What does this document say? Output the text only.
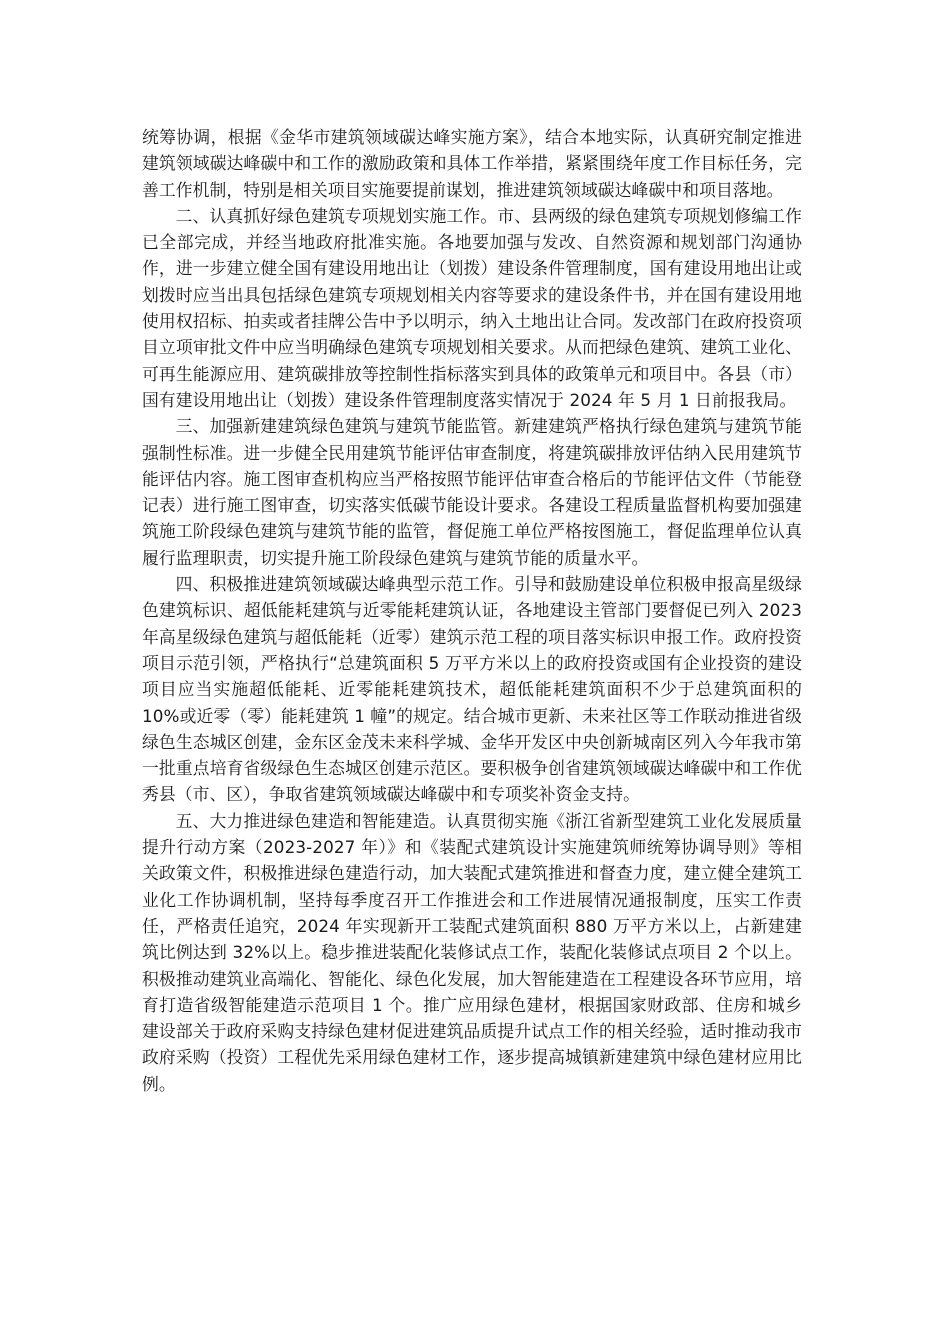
统筹协调，根据《金华市建筑领域碳达峰实施方案》，结合本地实际，认真研究制定推进建筑领域碳达峰碳中和工作的激励政策和具体工作举措，紧紧围绕年度工作目标任务，完善工作机制，特别是相关项目实施要提前谋划，推进建筑领域碳达峰碳中和项目落地。

二、认真抓好绿色建筑专项规划实施工作。市、县两级的绿色建筑专项规划修编工作已全部完成，并经当地政府批准实施。各地要加强与发改、自然资源和规划部门沟通协作，进一步建立健全国有建设用地出让（划拨）建设条件管理制度，国有建设用地出让或划拨时应当出具包括绿色建筑专项规划相关内容等要求的建设条件书，并在国有建设用地使用权招标、拍卖或者挂牌公告中予以明示，纳入土地出让合同。发改部门在政府投资项目立项审批文件中应当明确绿色建筑专项规划相关要求。从而把绿色建筑、建筑工业化、可再生能源应用、建筑碳排放等控制性指标落实到具体的政策单元和项目中。各县（市）国有建设用地出让（划拨）建设条件管理制度落实情况于 2024 年 5 月 1 日前报我局。

三、加强新建建筑绿色建筑与建筑节能监管。新建建筑严格执行绿色建筑与建筑节能强制性标准。进一步健全民用建筑节能评估审查制度，将建筑碳排放评估纳入民用建筑节能评估内容。施工图审查机构应当严格按照节能评估审查合格后的节能评估文件（节能登记表）进行施工图审查，切实落实低碳节能设计要求。各建设工程质量监督机构要加强建筑施工阶段绿色建筑与建筑节能的监管，督促施工单位严格按图施工，督促监理单位认真履行监理职责，切实提升施工阶段绿色建筑与建筑节能的质量水平。

四、积极推进建筑领域碳达峰典型示范工作。引导和鼓励建设单位积极申报高星级绿色建筑标识、超低能耗建筑与近零能耗建筑认证，各地建设主管部门要督促已列入 2023 年高星级绿色建筑与超低能耗（近零）建筑示范工程的项目落实标识申报工作。政府投资项目示范引领，严格执行“总建筑面积 5 万平方米以上的政府投资或国有企业投资的建设项目应当实施超低能耗、近零能耗建筑技术，超低能耗建筑面积不少于总建筑面积的 10%或近零（零）能耗建筑 1 幢”的规定。结合城市更新、未来社区等工作联动推进省级绿色生态城区创建，金东区金茂未来科学城、金华开发区中央创新城南区列入今年我市第一批重点培育省级绿色生态城区创建示范区。要积极争创省建筑领域碳达峰碳中和工作优秀县（市、区），争取省建筑领域碳达峰碳中和专项奖补资金支持。

五、大力推进绿色建造和智能建造。认真贯彻实施《浙江省新型建筑工业化发展质量提升行动方案（2023-2027 年）》和《装配式建筑设计实施建筑师统筹协调导则》等相关政策文件，积极推进绿色建造行动，加大装配式建筑推进和督查力度，建立健全建筑工业化工作协调机制，坚持每季度召开工作推进会和工作进展情况通报制度，压实工作责任，严格责任追究，2024 年实现新开工装配式建筑面积 880 万平方米以上，占新建建筑比例达到 32%以上。稳步推进装配化装修试点工作，装配化装修试点项目 2 个以上。积极推动建筑业高端化、智能化、绿色化发展，加大智能建造在工程建设各环节应用，培育打造省级智能建造示范项目 1 个。推广应用绿色建材，根据国家财政部、住房和城乡建设部关于政府采购支持绿色建材促进建筑品质提升试点工作的相关经验，适时推动我市政府采购（投资）工程优先采用绿色建材工作，逐步提高城镇新建建筑中绿色建材应用比例。
